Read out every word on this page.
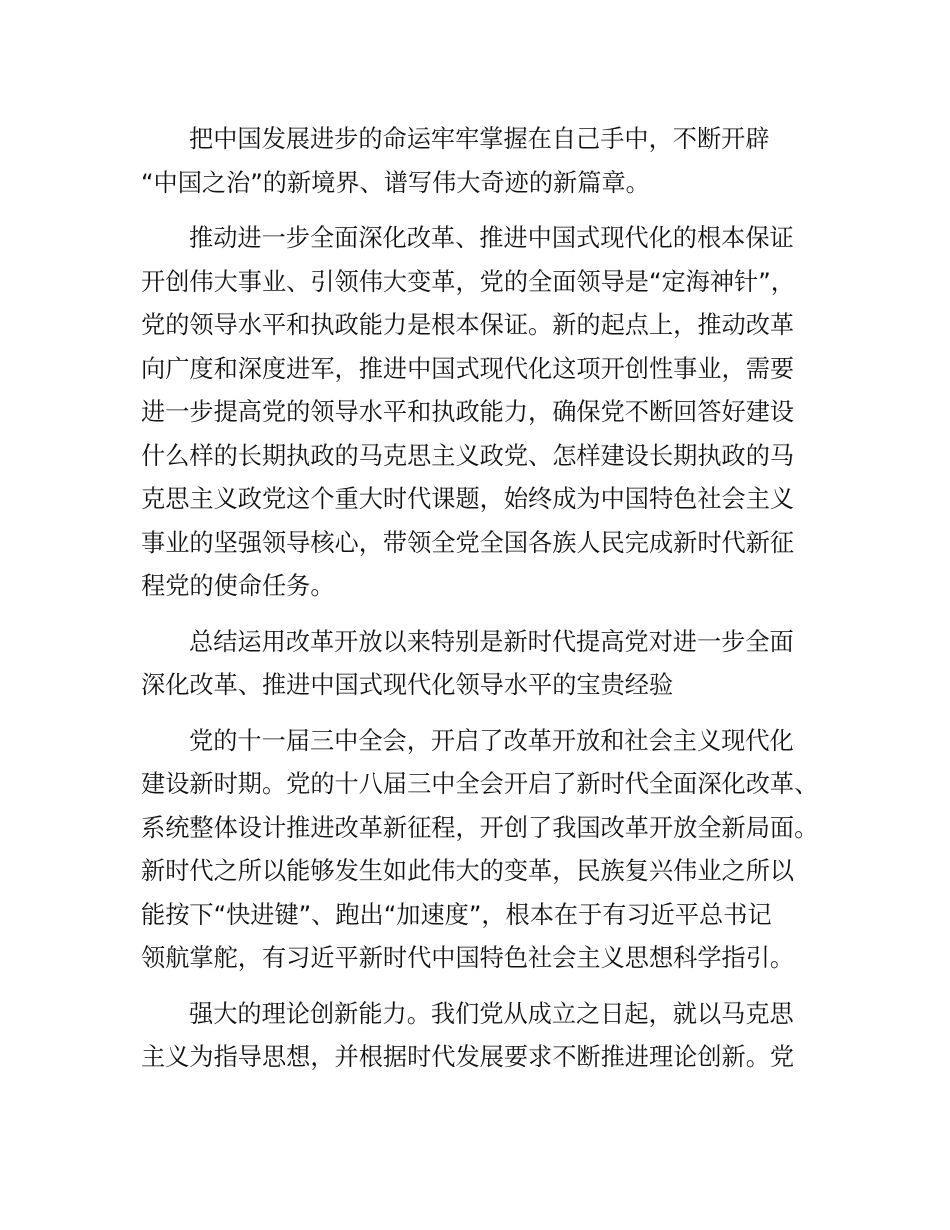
把中国发展进步的命运牢牢掌握在自己手中，不断开辟
“中国之治”的新境界、谱写伟大奇迹的新篇章。
推动进一步全面深化改革、推进中国式现代化的根本保证
开创伟大事业、引领伟大变革，党的全面领导是“定海神针”，
党的领导水平和执政能力是根本保证。新的起点上，推动改革
向广度和深度进军，推进中国式现代化这项开创性事业，需要
进一步提高党的领导水平和执政能力，确保党不断回答好建设
什么样的长期执政的马克思主义政党、怎样建设长期执政的马
克思主义政党这个重大时代课题，始终成为中国特色社会主义
事业的坚强领导核心，带领全党全国各族人民完成新时代新征
程党的使命任务。
总结运用改革开放以来特别是新时代提高党对进一步全面
深化改革、推进中国式现代化领导水平的宝贵经验
党的十一届三中全会，开启了改革开放和社会主义现代化
建设新时期。党的十八届三中全会开启了新时代全面深化改革、
系统整体设计推进改革新征程，开创了我国改革开放全新局面。
新时代之所以能够发生如此伟大的变革，民族复兴伟业之所以
能按下“快进键”、跑出“加速度”，根本在于有习近平总书记
领航掌舵，有习近平新时代中国特色社会主义思想科学指引。
强大的理论创新能力。我们党从成立之日起，就以马克思
主义为指导思想，并根据时代发展要求不断推进理论创新。党
